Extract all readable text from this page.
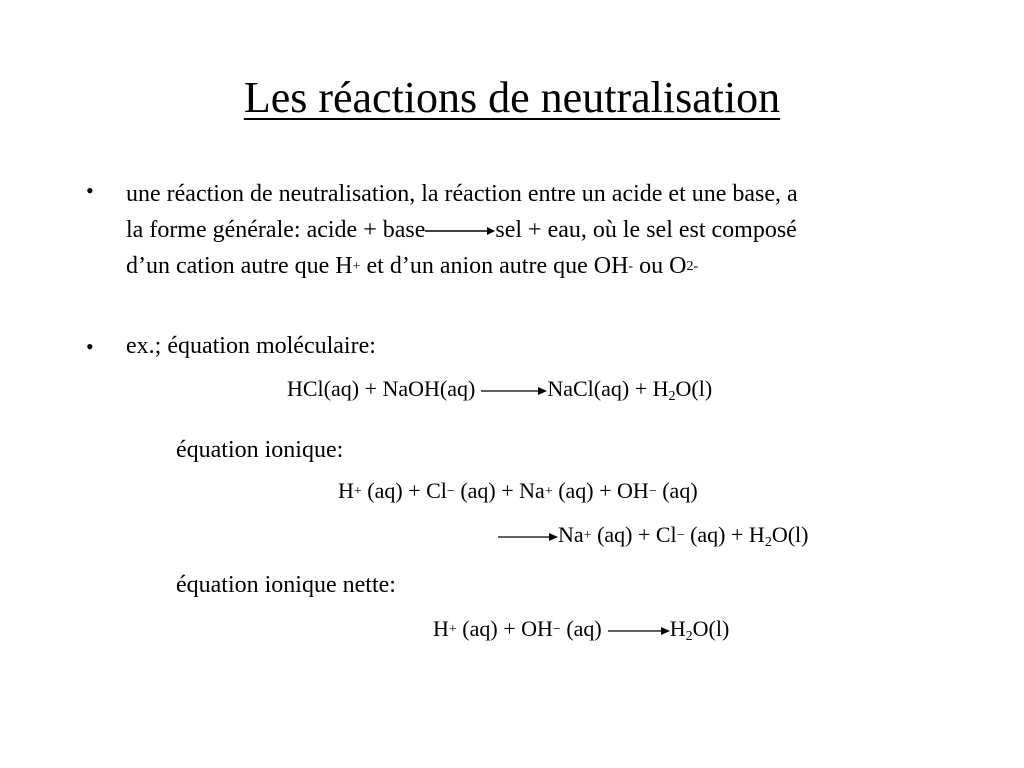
Les réactions de neutralisation
• une réaction de neutralisation, la réaction entre un acide et une base, a
la forme générale: acide + base→sel + eau, où le sel est composé
d’un cation autre que H+ et d’un anion autre que OH- ou $O^{2-}$
• ex.; équation moléculaire:
HCl(aq) + NaOH(aq) →NaCl(aq) + $H_2O(l)$
équation ionique:
H+ (aq) + Cl− (aq) + Na+ (aq) + OH− (aq)
→Na+ (aq) + Cl− $(aq) + H_2O(l)$
équation ionique nette:
H+ (aq) + OH− $(aq) \to H_2O(l)$
